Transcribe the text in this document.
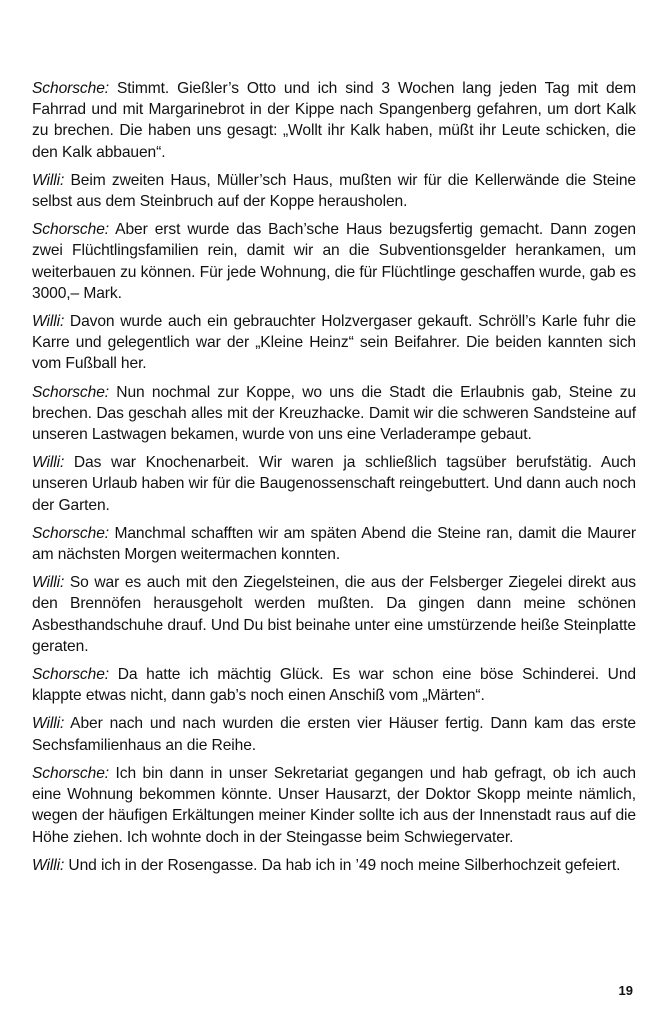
Schorsche: Stimmt. Gießler’s Otto und ich sind 3 Wochen lang jeden Tag mit dem Fahrrad und mit Margarinebrot in der Kippe nach Spangenberg gefahren, um dort Kalk zu brechen. Die haben uns gesagt: „Wollt ihr Kalk haben, müßt ihr Leute schicken, die den Kalk abbauen“.

Willi: Beim zweiten Haus, Müller’sch Haus, mußten wir für die Kellerwände die Steine selbst aus dem Steinbruch auf der Koppe herausholen.

Schorsche: Aber erst wurde das Bach’sche Haus bezugsfertig gemacht. Dann zogen zwei Flüchtlingsfamilien rein, damit wir an die Subventionsgelder herankamen, um weiterbauen zu können. Für jede Wohnung, die für Flüchtlinge geschaffen wurde, gab es 3000,– Mark.

Willi: Davon wurde auch ein gebrauchter Holzvergaser gekauft. Schröll’s Karle fuhr die Karre und gelegentlich war der „Kleine Heinz“ sein Beifahrer. Die beiden kannten sich vom Fußball her.

Schorsche: Nun nochmal zur Koppe, wo uns die Stadt die Erlaubnis gab, Steine zu brechen. Das geschah alles mit der Kreuzhacke. Damit wir die schweren Sandsteine auf unseren Lastwagen bekamen, wurde von uns eine Verladerampe gebaut.

Willi: Das war Knochenarbeit. Wir waren ja schließlich tagsüber berufstätig. Auch unseren Urlaub haben wir für die Baugenossenschaft reingebuttert. Und dann auch noch der Garten.

Schorsche: Manchmal schafften wir am späten Abend die Steine ran, damit die Maurer am nächsten Morgen weitermachen konnten.

Willi: So war es auch mit den Ziegelsteinen, die aus der Felsberger Ziegelei direkt aus den Brennöfen herausgeholt werden mußten. Da gingen dann meine schönen Asbesthandschuhe drauf. Und Du bist beinahe unter eine umstürzende heiße Steinplatte geraten.

Schorsche: Da hatte ich mächtig Glück. Es war schon eine böse Schinderei. Und klappte etwas nicht, dann gab’s noch einen Anschiß vom „Märten“.

Willi: Aber nach und nach wurden die ersten vier Häuser fertig. Dann kam das erste Sechsfamilienhaus an die Reihe.

Schorsche: Ich bin dann in unser Sekretariat gegangen und hab gefragt, ob ich auch eine Wohnung bekommen könnte. Unser Hausarzt, der Doktor Skopp meinte nämlich, wegen der häufigen Erkältungen meiner Kinder sollte ich aus der Innenstadt raus auf die Höhe ziehen. Ich wohnte doch in der Steingasse beim Schwiegervater.

Willi: Und ich in der Rosengasse. Da hab ich in ’49 noch meine Silberhochzeit gefeiert.

19
